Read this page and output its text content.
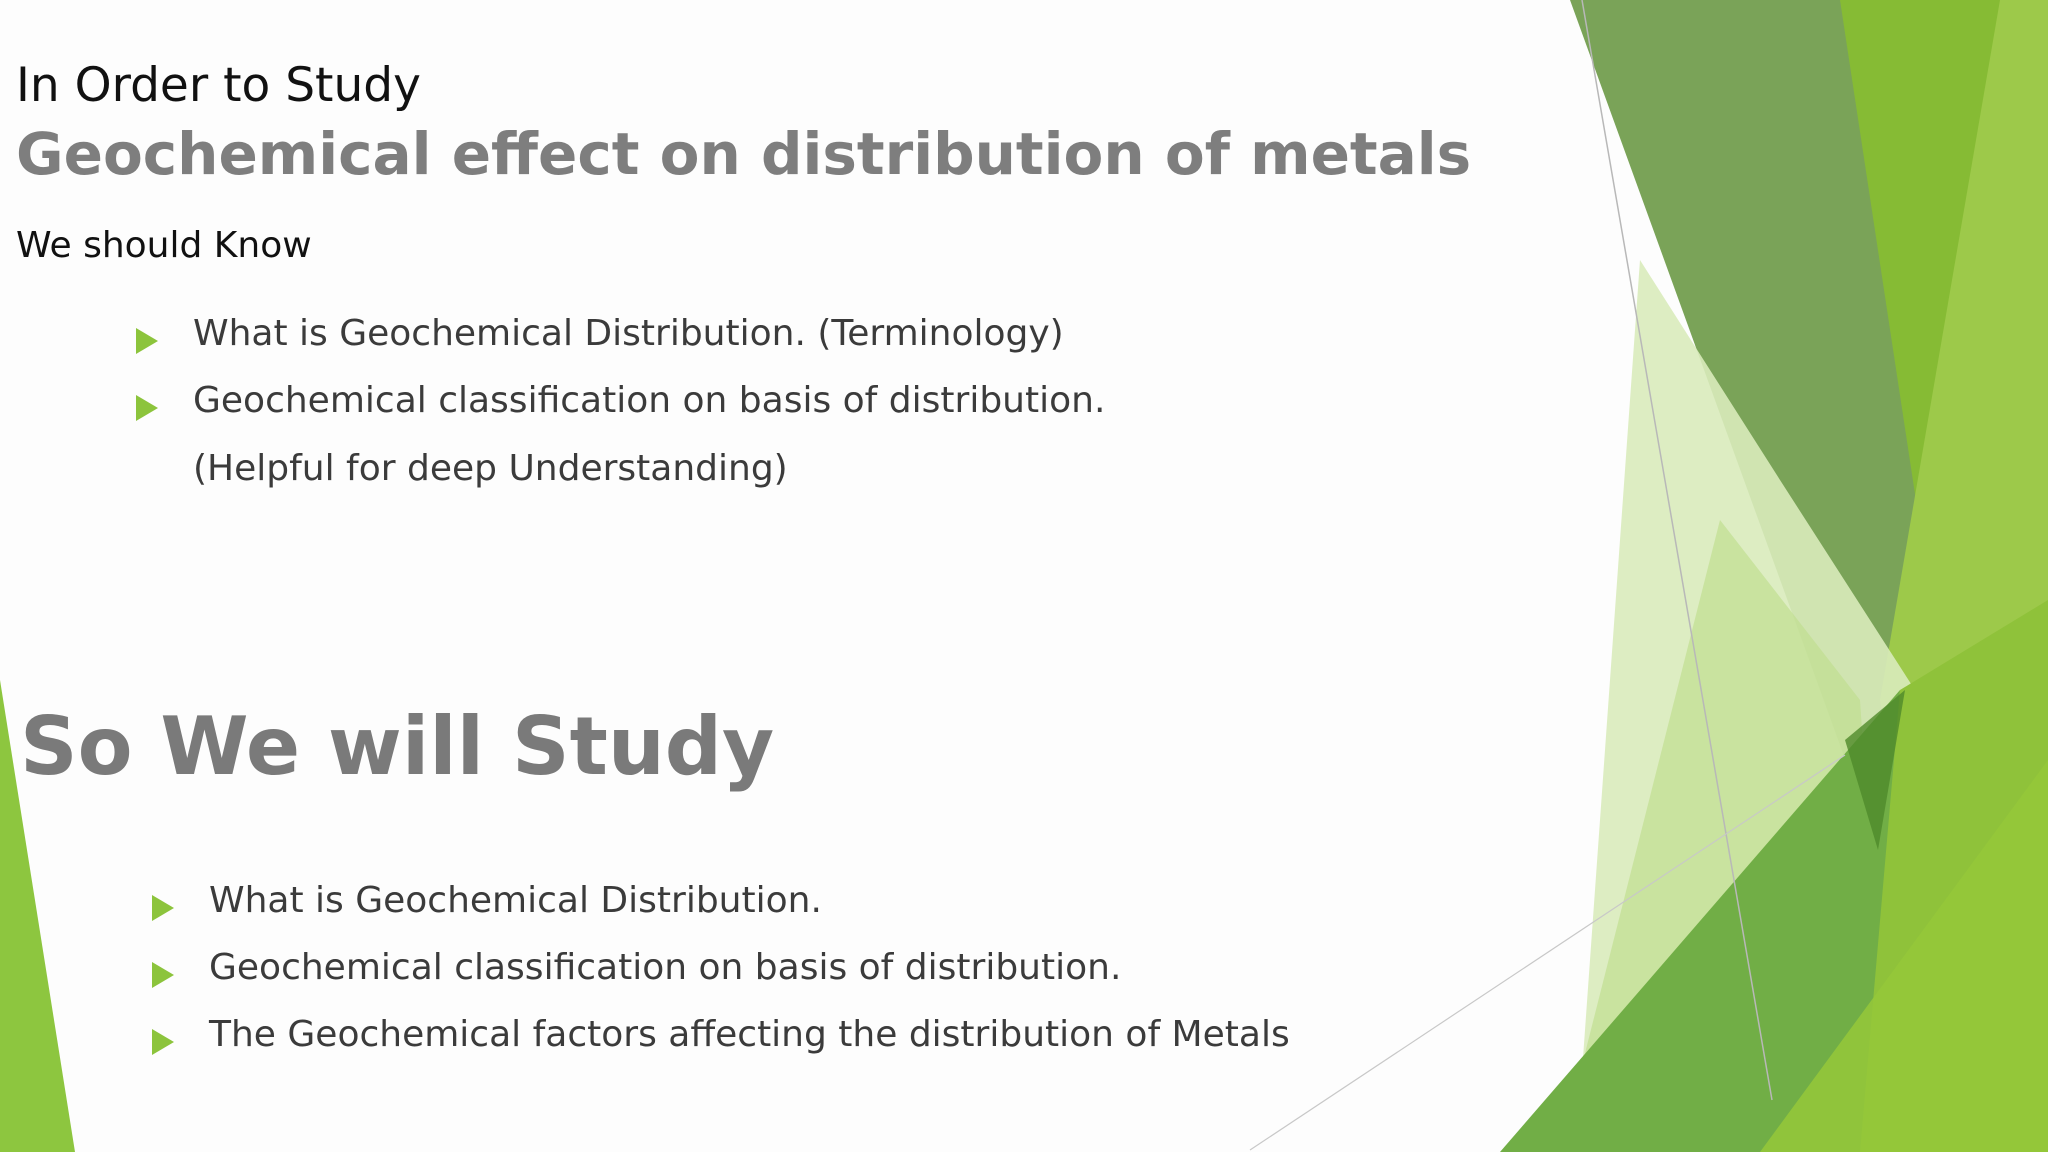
In Order to Study

Geochemical effect on distribution of metals

We should Know

What is Geochemical Distribution. (Terminology)
Geochemical classification on basis of distribution.

(Helpful for deep Understanding)

So We will Study

What is Geochemical Distribution.
Geochemical classification on basis of distribution.
The Geochemical factors affecting the distribution of Metals
